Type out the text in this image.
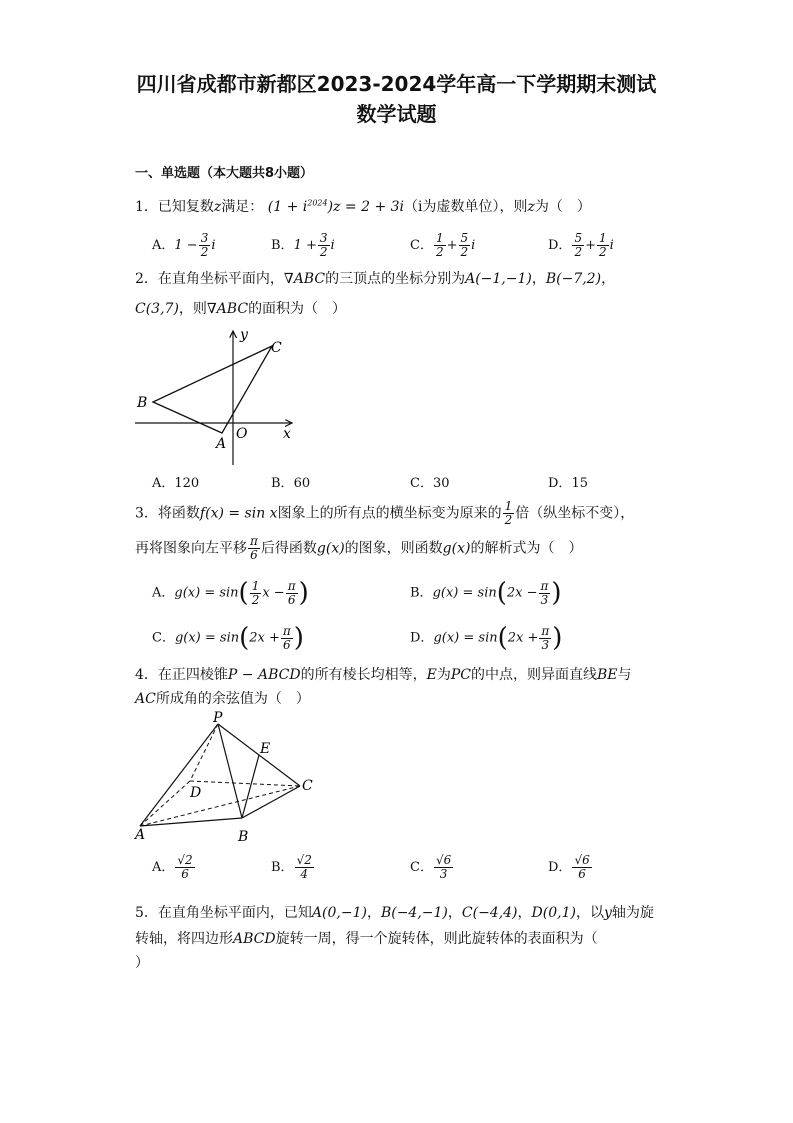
四川省成都市新都区2023-2024学年高一下学期期末测试
数学试题
一、单选题（本大题共8小题）
1．已知复数z满足： $(1 + i^{2024})z = 2 + 3i(i$为虚数单位），则z为（　）
A．$1 - \frac{3}{2}$ i	B．$1 + \frac{3}{2}$ i	C． $\frac{1}{2} + \frac{5}{2}$ i	D． $\frac{5}{2} + \frac{1}{2}$ i
2．在直角坐标平面内，∇ABC的三顶点的坐标分别为A(−1,−1)，B(−7,2)，
C(3,7)，则∇ABC的面积为（　）
y
x
O
A
B
C
A．120	B．60	C．30	D．15
3．将函数f(x) = sin x图象上的所有点的横坐标变为原来的 $\frac{1}{2}$ 倍（纵坐标不变），
再将图象向左平移 $\frac{\pi}{6}$ 后得函数g(x)的图象，则函数g(x)的解析式为（　）
A．$g(x) = \sin( \frac{1}{2}$ $x - \frac{\pi}{6}$ )	B．$g(x) = \sin(2x - \frac{\pi}{3}$ )
C．$g(x) = \sin(2x + \frac{\pi}{6}$ )	D．$g(x) = \sin(2x + \frac{\pi}{3}$ )
4．在正四棱锥P − ABCD的所有棱长均相等，E为PC的中点，则异面直线BE与
AC所成角的余弦值为（　）
P
E
D	C
A	B
A． $\frac{√2}{6}$	B． $\frac{√2}{4}$	C． $\frac{√6}{3}$	D． $\frac{√6}{6}$
5．在直角坐标平面内，已知A(0,−1)，B(−4,−1)，C(−4,4)，D(0,1)，以y轴为旋
转轴，将四边形ABCD旋转一周，得一个旋转体，则此旋转体的表面积为（
）
